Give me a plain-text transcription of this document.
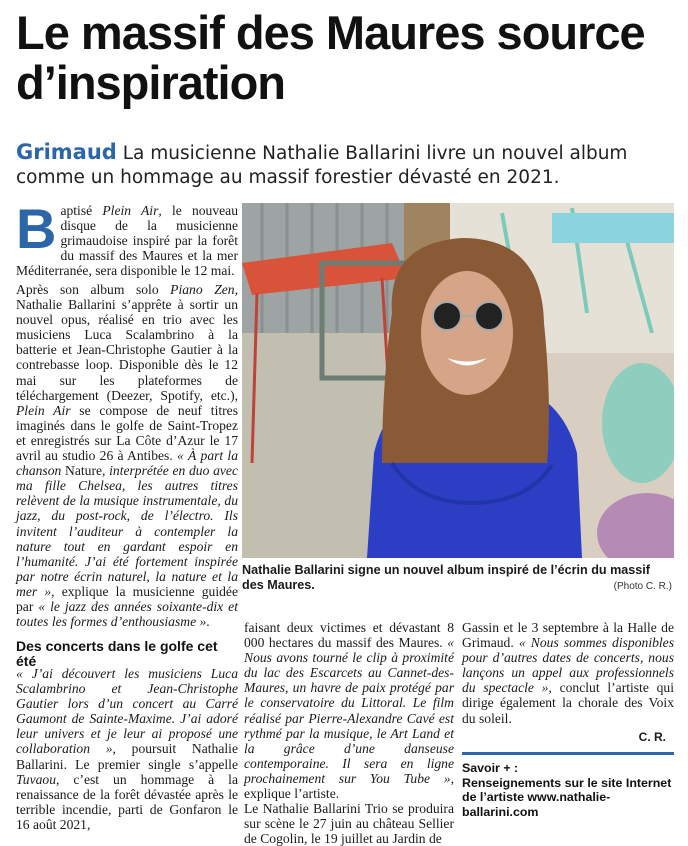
Le massif des Maures source d’inspiration

Grimaud La musicienne Nathalie Ballarini livre un nouvel album comme un hommage au massif forestier dévasté en 2021.

Baptisé Plein Air, le nouveau disque de la musicienne grimaudoise inspiré par la forêt du massif des Maures et la mer Méditerranée, sera disponible le 12 mai.

Après son album solo Piano Zen, Nathalie Ballarini s’apprête à sortir un nouvel opus, réalisé en trio avec les musiciens Luca Scalambrino à la batterie et Jean-Christophe Gautier à la contrebasse loop. Disponible dès le 12 mai sur les plateformes de téléchargement (Deezer, Spotify, etc.), Plein Air se compose de neuf titres imaginés dans le golfe de Saint-Tropez et enregistrés sur La Côte d’Azur le 17 avril au studio 26 à Antibes. « À part la chanson Nature, interprétée en duo avec ma fille Chelsea, les autres titres relèvent de la musique instrumentale, du jazz, du post-rock, de l’électro. Ils invitent l’auditeur à contempler la nature tout en gardant espoir en l’humanité. J’ai été fortement inspirée par notre écrin naturel, la nature et la mer », explique la musicienne guidée par « le jazz des années soixante-dix et toutes les formes d’enthousiasme ».

Des concerts dans le golfe cet été

« J’ai découvert les musiciens Luca Scalambrino et Jean-Christophe Gautier lors d’un concert au Carré Gaumont de Sainte-Maxime. J’ai adoré leur univers et je leur ai proposé une collaboration », poursuit Nathalie Ballarini. Le premier single s’appelle Tuvaou, c’est un hommage à la renaissance de la forêt dévastée après le terrible incendie, parti de Gonfaron le 16 août 2021,

Nathalie Ballarini signe un nouvel album inspiré de l’écrin du massif des Maures.	(Photo C. R.)

faisant deux victimes et dévastant 8 000 hectares du massif des Maures. « Nous avons tourné le clip à proximité du lac des Escarcets au Cannet-des-Maures, un havre de paix protégé par le conservatoire du Littoral. Le film réalisé par Pierre-Alexandre Cavé est rythmé par la musique, le Art Land et la grâce d’une danseuse contemporaine. Il sera en ligne prochainement sur You Tube », explique l’artiste.

Le Nathalie Ballarini Trio se produira sur scène le 27 juin au château Sellier de Cogolin, le 19 juillet au Jardin de

Gassin et le 3 septembre à la Halle de Grimaud. « Nous sommes disponibles pour d’autres dates de concerts, nous lançons un appel aux professionnels du spectacle », conclut l’artiste qui dirige également la chorale des Voix du soleil.

C. R.

Savoir + :

Renseignements sur le site Internet de l’artiste www.nathalie-ballarini.com
